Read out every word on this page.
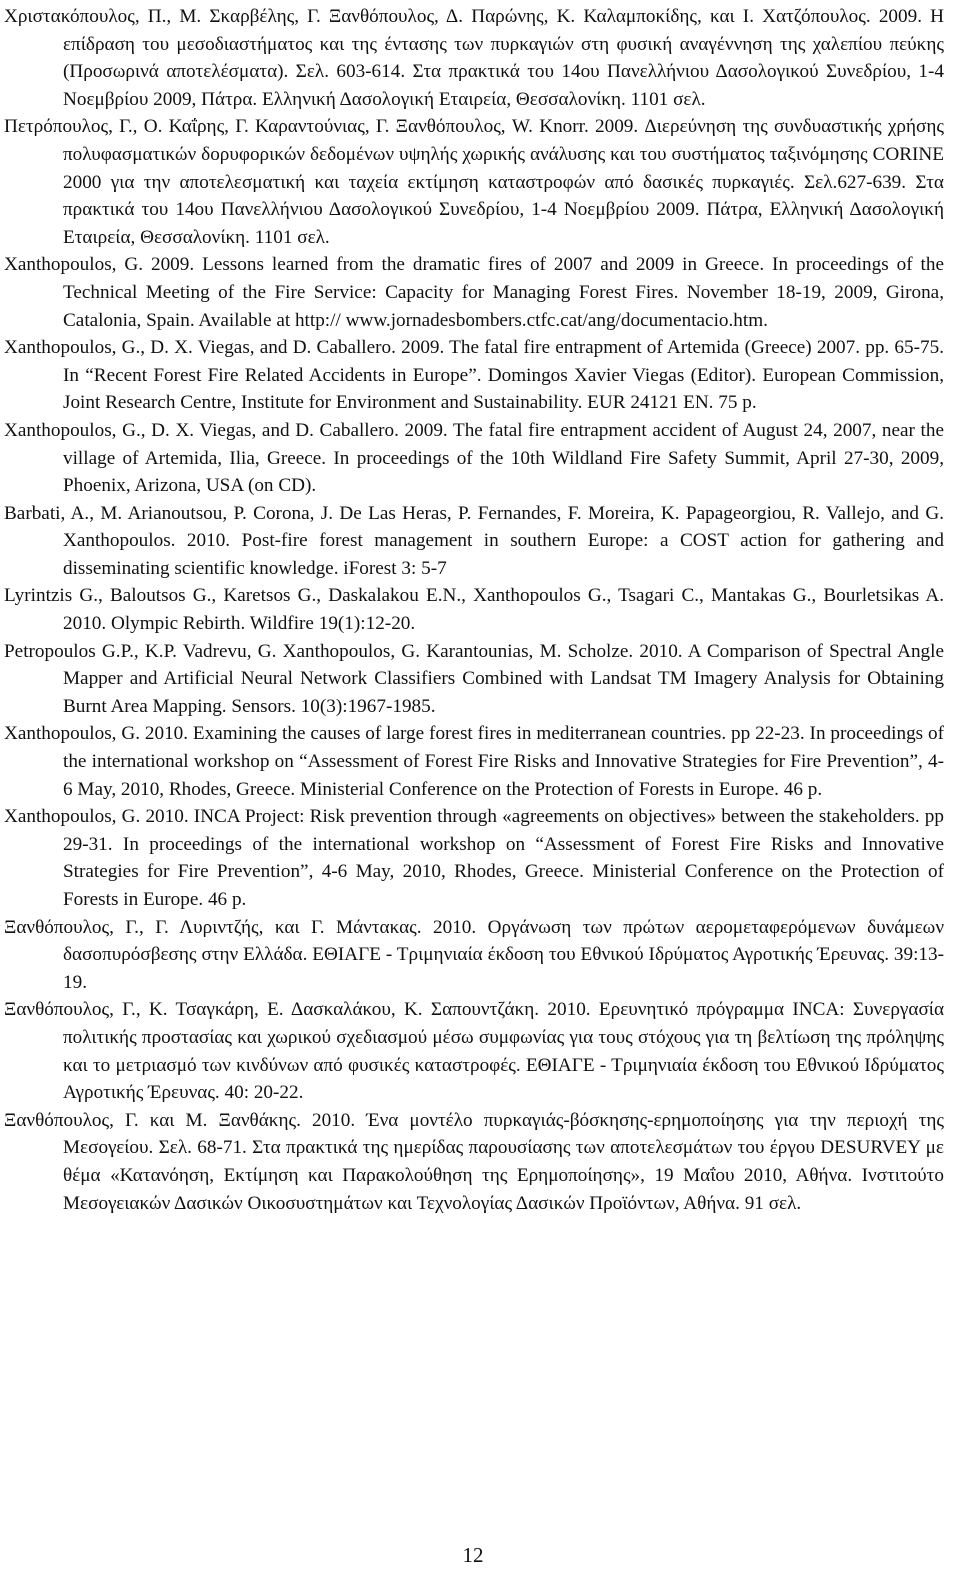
Χριστακόπουλος, Π., Μ. Σκαρβέλης, Γ. Ξανθόπουλος, Δ. Παρώνης, Κ. Καλαμποκίδης, και Ι. Χατζόπουλος. 2009. Η επίδραση του μεσοδιαστήματος και της έντασης των πυρκαγιών στη φυσική αναγέννηση της χαλεπίου πεύκης (Προσωρινά αποτελέσματα). Σελ. 603-614. Στα πρακτικά του 14ου Πανελλήνιου Δασολογικού Συνεδρίου, 1-4 Νοεμβρίου 2009, Πάτρα. Ελληνική Δασολογική Εταιρεία, Θεσσαλονίκη. 1101 σελ.

Πετρόπουλος, Γ., Ο. Καΐρης, Γ. Καραντούνιας, Γ. Ξανθόπουλος, W. Knorr. 2009. Διερεύνηση της συνδυαστικής χρήσης πολυφασματικών δορυφορικών δεδομένων υψηλής χωρικής ανάλυσης και του συστήματος ταξινόμησης CORINE 2000 για την αποτελεσματική και ταχεία εκτίμηση καταστροφών από δασικές πυρκαγιές. Σελ.627-639. Στα πρακτικά του 14ου Πανελλήνιου Δασολογικού Συνεδρίου, 1-4 Νοεμβρίου 2009. Πάτρα, Ελληνική Δασολογική Εταιρεία, Θεσσαλονίκη. 1101 σελ.

Xanthopoulos, G. 2009. Lessons learned from the dramatic fires of 2007 and 2009 in Greece. In proceedings of the Technical Meeting of the Fire Service: Capacity for Managing Forest Fires. November 18-19, 2009, Girona, Catalonia, Spain. Available at http:// www.jornadesbombers.ctfc.cat/ang/documentacio.htm.

Xanthopoulos, G., D. X. Viegas, and D. Caballero. 2009. The fatal fire entrapment of Artemida (Greece) 2007. pp. 65-75. In “Recent Forest Fire Related Accidents in Europe”. Domingos Xavier Viegas (Editor). European Commission, Joint Research Centre, Institute for Environment and Sustainability. EUR 24121 EN. 75 p.

Xanthopoulos, G., D. X. Viegas, and D. Caballero. 2009. The fatal fire entrapment accident of August 24, 2007, near the village of Artemida, Ilia, Greece. In proceedings of the 10th Wildland Fire Safety Summit, April 27-30, 2009, Phoenix, Arizona, USA (on CD).

Barbati, A., M. Arianoutsou, P. Corona, J. De Las Heras, P. Fernandes, F. Moreira, K. Papageorgiou, R. Vallejo, and G. Xanthopoulos. 2010. Post-fire forest management in southern Europe: a COST action for gathering and disseminating scientific knowledge. iForest 3: 5-7

Lyrintzis G., Baloutsos G., Karetsos G., Daskalakou E.N., Xanthopoulos G., Tsagari C., Mantakas G., Bourletsikas A. 2010. Olympic Rebirth. Wildfire 19(1):12-20.

Petropoulos G.P., K.P. Vadrevu, G. Xanthopoulos, G. Karantounias, M. Scholze. 2010. A Comparison of Spectral Angle Mapper and Artificial Neural Network Classifiers Combined with Landsat TM Imagery Analysis for Obtaining Burnt Area Mapping. Sensors. 10(3):1967-1985.

Xanthopoulos, G. 2010. Examining the causes of large forest fires in mediterranean countries. pp 22-23. In proceedings of the international workshop on “Assessment of Forest Fire Risks and Innovative Strategies for Fire Prevention”, 4-6 May, 2010, Rhodes, Greece. Ministerial Conference on the Protection of Forests in Europe. 46 p.

Xanthopoulos, G. 2010. INCA Project: Risk prevention through «agreements on objectives» between the stakeholders. pp 29-31. In proceedings of the international workshop on “Assessment of Forest Fire Risks and Innovative Strategies for Fire Prevention”, 4-6 May, 2010, Rhodes, Greece. Ministerial Conference on the Protection of Forests in Europe. 46 p.

Ξανθόπουλος, Γ., Γ. Λυριντζής, και Γ. Μάντακας. 2010. Οργάνωση των πρώτων αερομεταφερόμενων δυνάμεων δασοπυρόσβεσης στην Ελλάδα. ΕΘΙΑΓΕ - Τριμηνιαία έκδοση του Εθνικού Ιδρύματος Αγροτικής Έρευνας. 39:13-19.

Ξανθόπουλος, Γ., Κ. Τσαγκάρη, Ε. Δασκαλάκου, Κ. Σαπουντζάκη. 2010. Ερευνητικό πρόγραμμα INCA: Συνεργασία πολιτικής προστασίας και χωρικού σχεδιασμού μέσω συμφωνίας για τους στόχους για τη βελτίωση της πρόληψης και το μετριασμό των κινδύνων από φυσικές καταστροφές. ΕΘΙΑΓΕ - Τριμηνιαία έκδοση του Εθνικού Ιδρύματος Αγροτικής Έρευνας. 40: 20-22.

Ξανθόπουλος, Γ. και Μ. Ξανθάκης. 2010. Ένα μοντέλο πυρκαγιάς-βόσκησης-ερημοποίησης για την περιοχή της Μεσογείου. Σελ. 68-71. Στα πρακτικά της ημερίδας παρουσίασης των αποτελεσμάτων του έργου DESURVEY με θέμα «Κατανόηση, Εκτίμηση και Παρακολούθηση της Ερημοποίησης», 19 Μαΐου 2010, Αθήνα. Ινστιτούτο Μεσογειακών Δασικών Οικοσυστημάτων και Τεχνολογίας Δασικών Προϊόντων, Αθήνα. 91 σελ.

12
